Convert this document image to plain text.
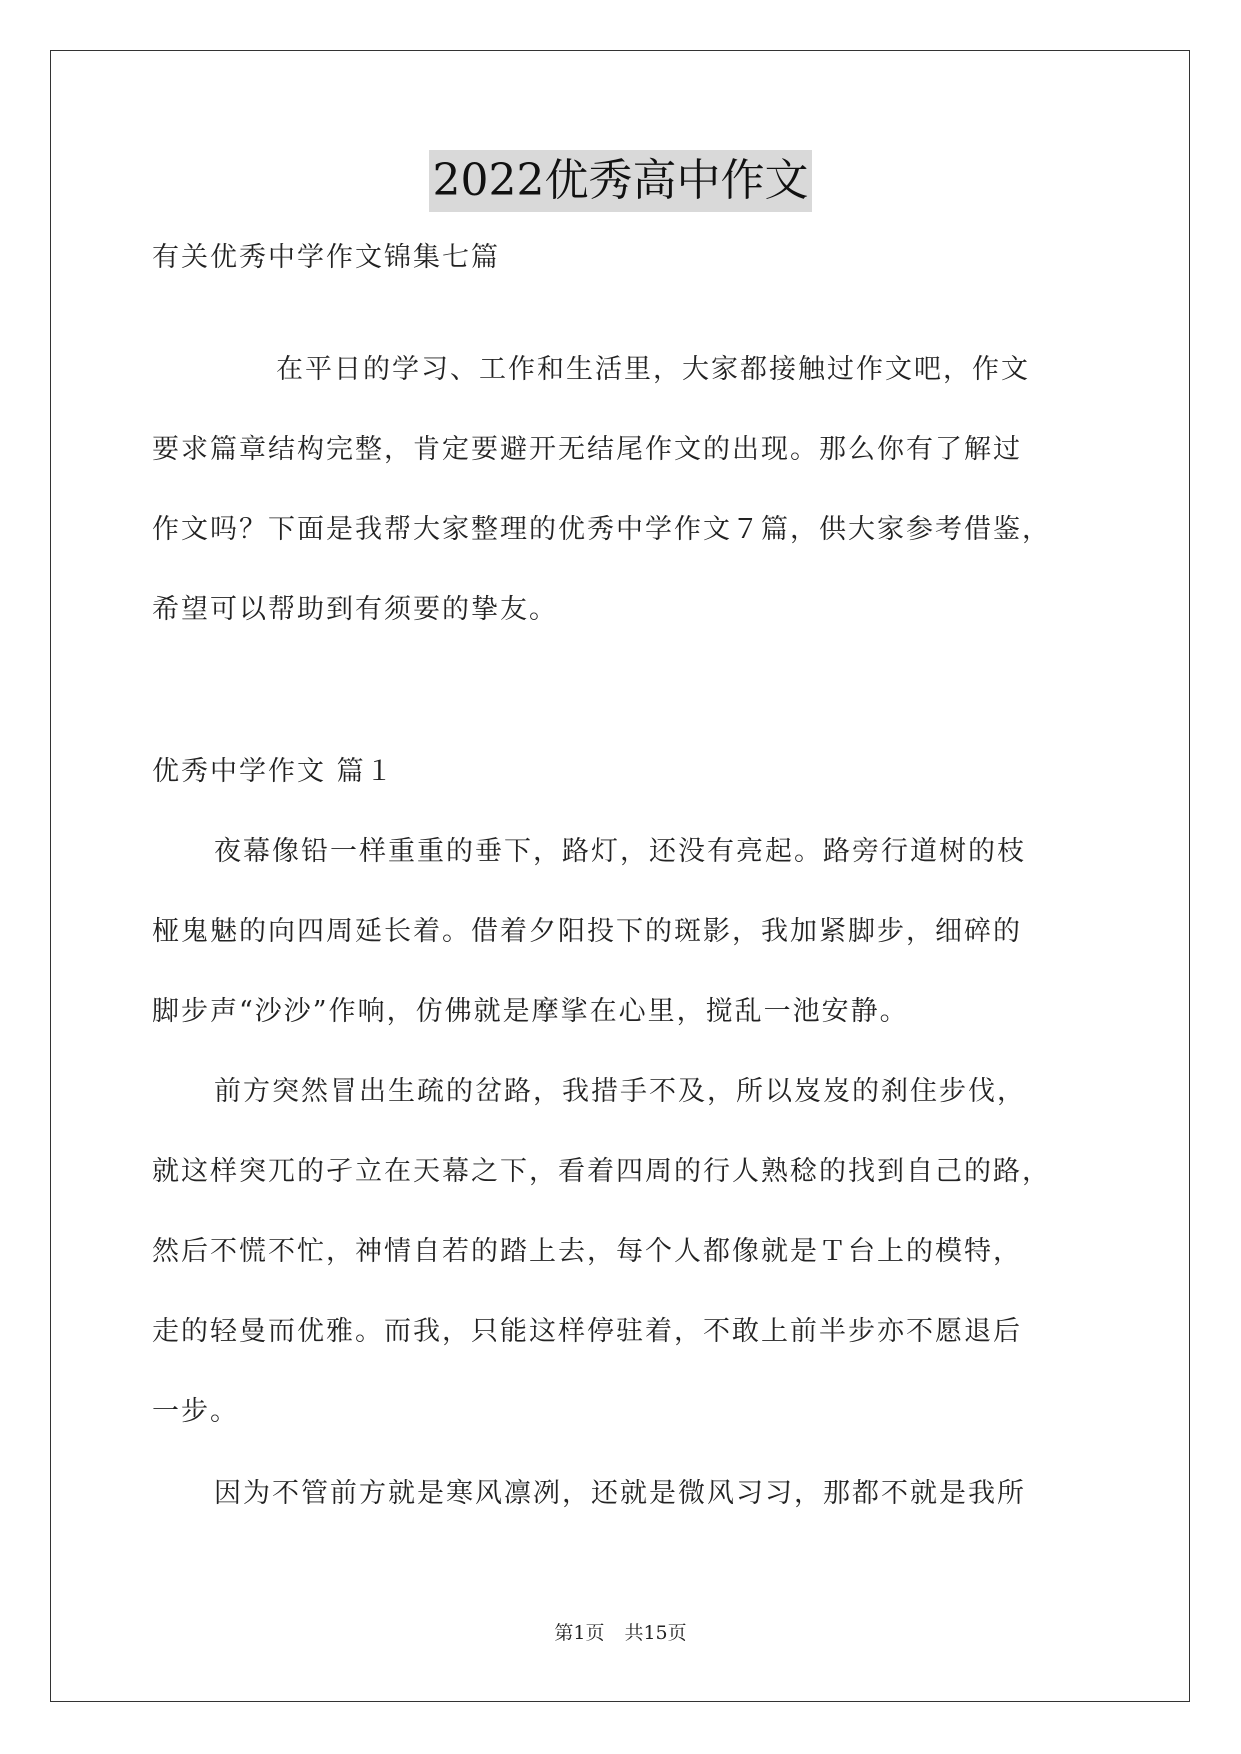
2022优秀高中作文
有关优秀中学作文锦集七篇
在平日的学习、工作和生活里，大家都接触过作文吧，作文
要求篇章结构完整，肯定要避开无结尾作文的出现。那么你有了解过
作文吗？下面是我帮大家整理的优秀中学作文７篇，供大家参考借鉴，
希望可以帮助到有须要的挚友。
优秀中学作文 篇１
夜幕像铅一样重重的垂下，路灯，还没有亮起。路旁行道树的枝
桠鬼魅的向四周延长着。借着夕阳投下的斑影，我加紧脚步，细碎的
脚步声“沙沙”作响，仿佛就是摩挲在心里，搅乱一池安静。
前方突然冒出生疏的岔路，我措手不及，所以岌岌的刹住步伐，
就这样突兀的孑立在天幕之下，看着四周的行人熟稔的找到自己的路，
然后不慌不忙，神情自若的踏上去，每个人都像就是Ｔ台上的模特，
走的轻曼而优雅。而我，只能这样停驻着，不敢上前半步亦不愿退后
一步。
因为不管前方就是寒风凛冽，还就是微风习习，那都不就是我所
第1页 共15页
